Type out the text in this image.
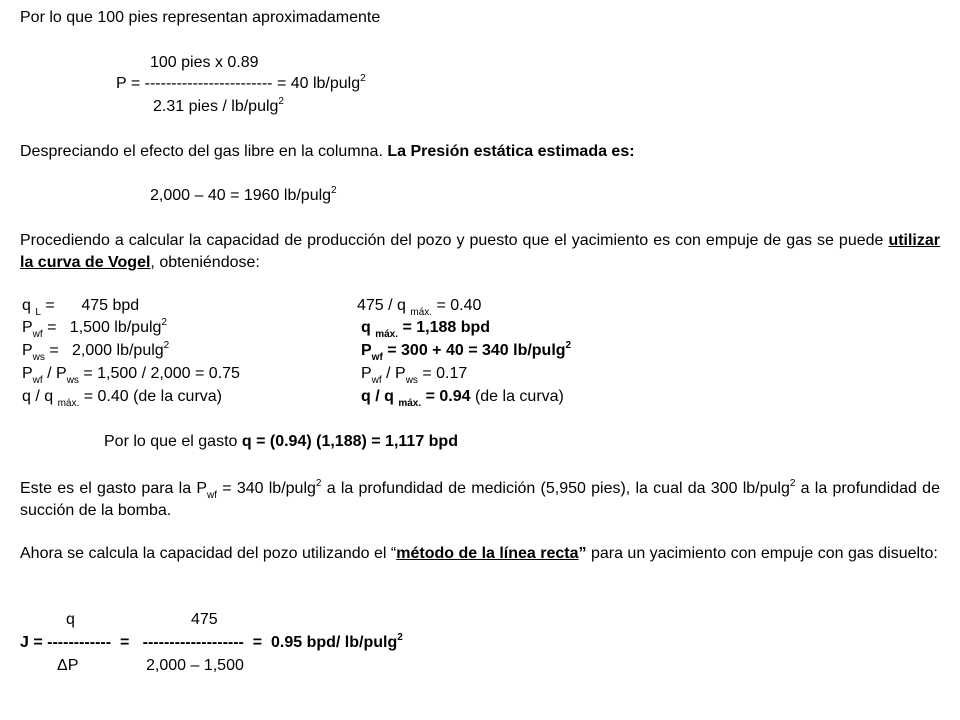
Por lo que 100 pies representan aproximadamente
100 pies x 0.89
P = ------------------------ = 40 lb/pulg$^2$
2.31 pies / lb/pulg$^2$
Despreciando el efecto del gas libre en la columna. La Presión estática estimada es:
2,000 – 40 = 1960 lb/pulg$^2$
Procediendo a calcular la capacidad de producción del pozo y puesto que el yacimiento es con empuje de gas se puede utilizar la curva de Vogel, obteniéndose:
q $_L$ =      475 bpd
$P_{wf} = 1,500$ lb/pulg$^2$
$P_{ws} = 2,000$ lb/pulg$^2$
$P_{wf} / P_{ws} = 1,500 / 2,000 = 0.75$
q / q $_{máx.}$ = 0.40 (de la curva)
475 / q $_{máx.}$ = 0.40
q $_{máx.}$ = 1,188 bpd
$P_{wf} = 300 + 40 = 340$ lb/pulg$^2$
$P_{wf} / P_{ws} = 0.17$
q / q $_{máx.}$ = 0.94 (de la curva)
Por lo que el gasto q = (0.94) (1,188) = 1,117 bpd
Este es el gasto para la $P_{wf} = 340$ lb/pulg$^2$ a la profundidad de medición (5,950 pies), la cual da 300 lb/pulg$^2$ a la profundidad de succión de la bomba.
Ahora se calcula la capacidad del pozo utilizando el “método de la línea recta” para un yacimiento con empuje con gas disuelto:
q	475
J = ------------  =   -------------------  =  0.95 bpd/ lb/pulg$^2$
ΔP	2,000 – 1,500
